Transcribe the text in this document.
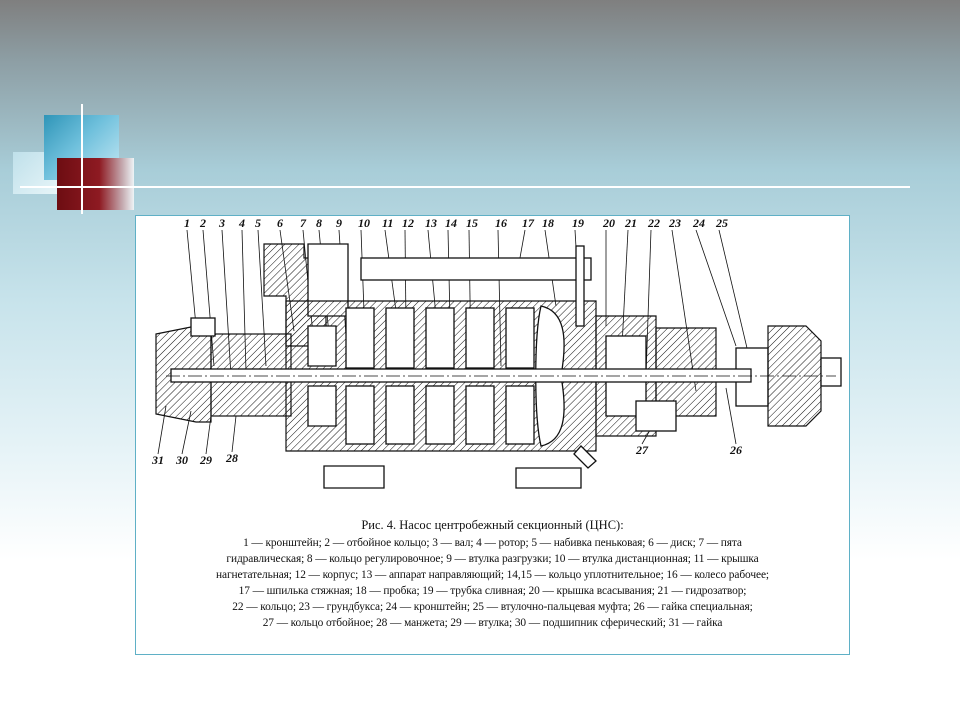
1 2 3 4 5 6 7 8 9 10 11 12 13 14 15 16 17 18 19 20 21 22 23 24 25
31 30 29 28
27	26
Рис. 4. Насос центробежный секционный (ЦНС):
1 — кронштейн; 2 — отбойное кольцо; 3 — вал; 4 — ротор; 5 — набивка пеньковая; 6 — диск; 7 — пята
гидравлическая; 8 — кольцо регулировочное; 9 — втулка разгрузки; 10 — втулка дистанционная; 11 — крышка
нагнетательная; 12 — корпус; 13 — аппарат направляющий; 14,15 — кольцо уплотнительное; 16 — колесо рабочее;
17 — шпилька стяжная; 18 — пробка; 19 — трубка сливная; 20 — крышка всасывания; 21 — гидрозатвор;
22 — кольцо; 23 — грундбукса; 24 — кронштейн; 25 — втулочно-пальцевая муфта; 26 — гайка специальная;
27 — кольцо отбойное; 28 — манжета; 29 — втулка; 30 — подшипник сферический; 31 — гайка
